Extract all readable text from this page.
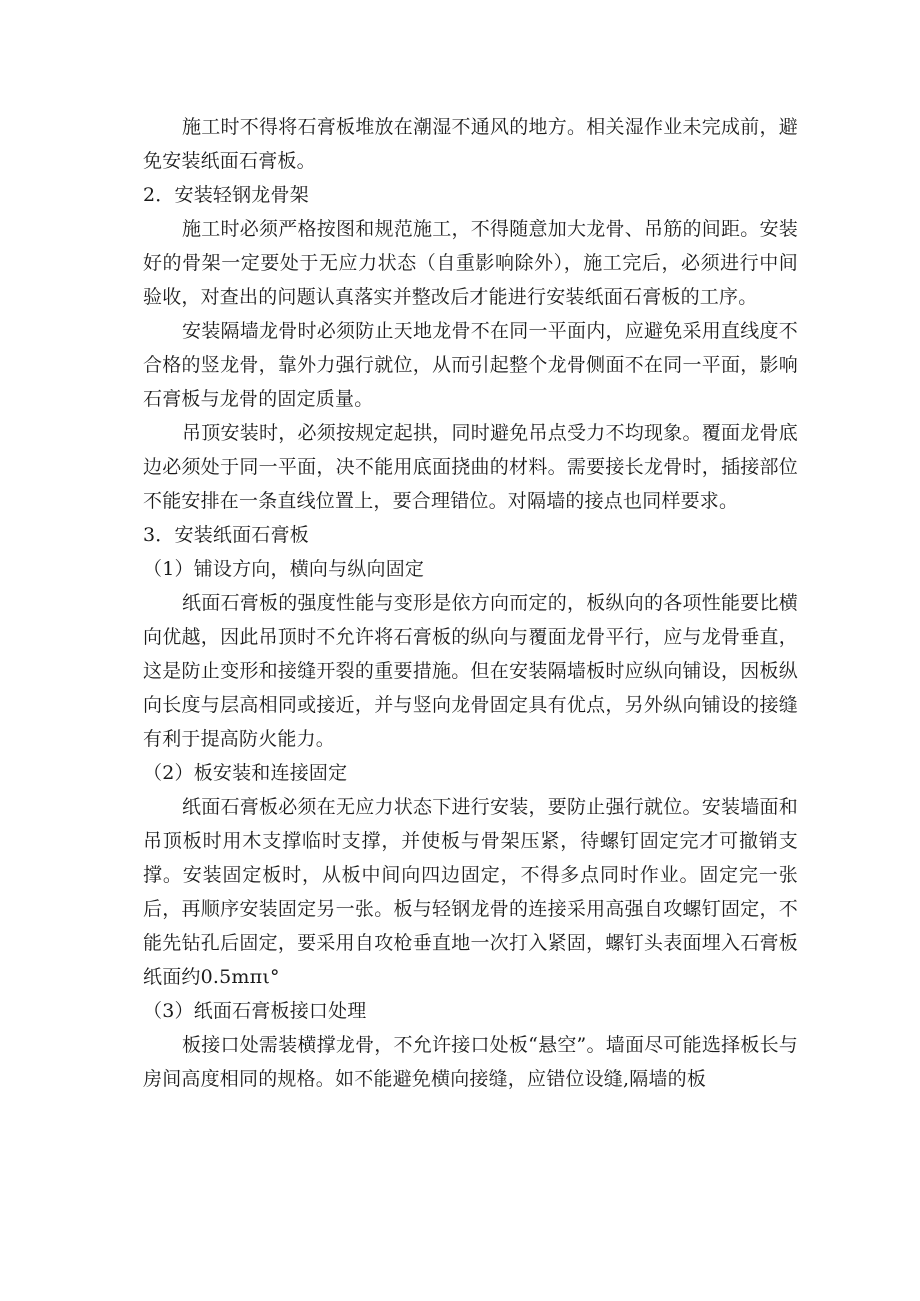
施工时不得将石膏板堆放在潮湿不通风的地方。相关湿作业未完成前，避免安装纸面石膏板。

2．安装轻钢龙骨架

施工时必须严格按图和规范施工，不得随意加大龙骨、吊筋的间距。安装好的骨架一定要处于无应力状态（自重影响除外），施工完后，必须进行中间验收，对查出的问题认真落实并整改后才能进行安装纸面石膏板的工序。

安装隔墙龙骨时必须防止天地龙骨不在同一平面内，应避免采用直线度不合格的竖龙骨，靠外力强行就位，从而引起整个龙骨侧面不在同一平面，影响石膏板与龙骨的固定质量。

吊顶安装时，必须按规定起拱，同时避免吊点受力不均现象。覆面龙骨底边必须处于同一平面，决不能用底面挠曲的材料。需要接长龙骨时，插接部位不能安排在一条直线位置上，要合理错位。对隔墙的接点也同样要求。

3．安装纸面石膏板

（1）铺设方向，横向与纵向固定

纸面石膏板的强度性能与变形是依方向而定的，板纵向的各项性能要比横向优越，因此吊顶时不允许将石膏板的纵向与覆面龙骨平行，应与龙骨垂直，这是防止变形和接缝开裂的重要措施。但在安装隔墙板时应纵向铺设，因板纵向长度与层高相同或接近，并与竖向龙骨固定具有优点，另外纵向铺设的接缝有利于提高防火能力。

（2）板安装和连接固定

纸面石膏板必须在无应力状态下进行安装，要防止强行就位。安装墙面和吊顶板时用木支撑临时支撑，并使板与骨架压紧，待螺钉固定完才可撤销支撑。安装固定板时，从板中间向四边固定，不得多点同时作业。固定完一张后，再顺序安装固定另一张。板与轻钢龙骨的连接采用高强自攻螺钉固定，不能先钻孔后固定，要采用自攻枪垂直地一次打入紧固，螺钉头表面埋入石膏板纸面约0.5mπι°

（3）纸面石膏板接口处理

板接口处需装横撑龙骨，不允许接口处板“悬空”。墙面尽可能选择板长与房间高度相同的规格。如不能避免横向接缝，应错位设缝,隔墙的板
